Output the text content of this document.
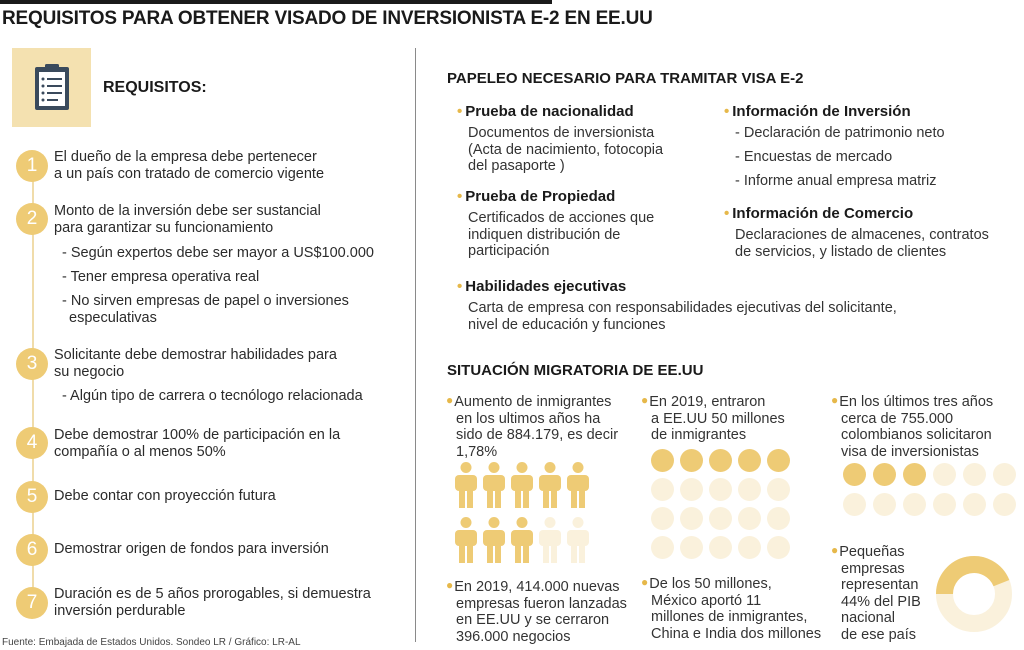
REQUISITOS PARA OBTENER VISADO DE INVERSIONISTA E-2 EN EE.UU
REQUISITOS:
1	El dueño de la empresa debe pertenecer
a un país con tratado de comercio vigente
2	Monto de la inversión debe ser sustancial
para garantizar su funcionamiento
- Según expertos debe ser mayor a US$100.000
- Tener empresa operativa real
- No sirven empresas de papel o inversiones
especulativas
3	Solicitante debe demostrar habilidades para
su negocio
- Algún tipo de carrera o tecnólogo relacionada
4	Debe demostrar 100% de participación en la
compañía o al menos 50%
5	Debe contar con proyección futura
6	Demostrar origen de fondos para inversión
7	Duración es de 5 años prorogables, si demuestra
inversión perdurable
Fuente: Embajada de Estados Unidos. Sondeo LR / Gráfico: LR-AL
PAPELEO NECESARIO PARA TRAMITAR VISA E-2
• Prueba de nacionalidad
Documentos de inversionista
(Acta de nacimiento, fotocopia
del pasaporte )
• Prueba de Propiedad
Certificados de acciones que
indiquen distribución de
participación
• Información de Inversión
- Declaración de patrimonio neto
- Encuestas de mercado
- Informe anual empresa matriz
• Información de Comercio
Declaraciones de almacenes, contratos
de servicios, y listado de clientes
• Habilidades ejecutivas
Carta de empresa con responsabilidades ejecutivas del solicitante,
nivel de educación y funciones
SITUACIÓN MIGRATORIA DE EE.UU
●Aumento de inmigrantes
en los ultimos años ha
sido de 884.179, es decir
1,78%
●En 2019, entraron
a EE.UU 50 millones
de inmigrantes
●En los últimos tres años
cerca de 755.000
colombianos solicitaron
visa de inversionistas
●En 2019, 414.000 nuevas
empresas fueron lanzadas
en EE.UU y se cerraron
396.000 negocios
●De los 50 millones,
México aportó 11
millones de inmigrantes,
China e India dos millones
●Pequeñas
empresas
representan
44% del PIB
nacional
de ese país
